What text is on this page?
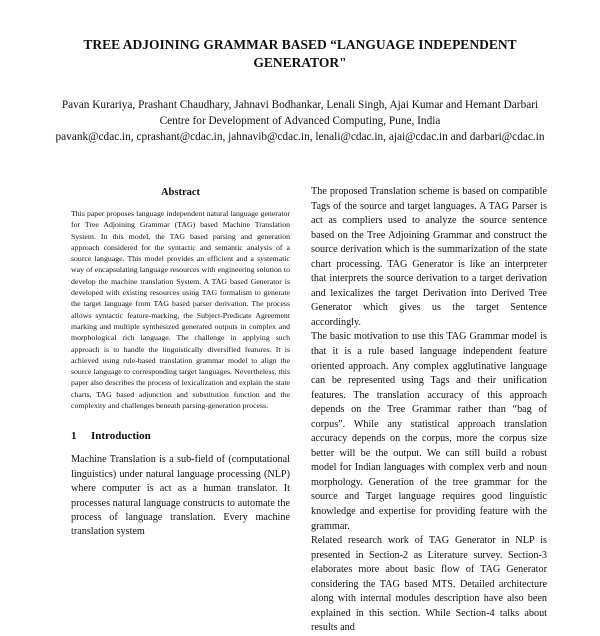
TREE ADJOINING GRAMMAR BASED “LANGUAGE INDEPENDENT GENERATOR"
Pavan Kurariya, Prashant Chaudhary, Jahnavi Bodhankar, Lenali Singh, Ajai Kumar and Hemant Darbari
Centre for Development of Advanced Computing, Pune, India
pavank@cdac.in, cprashant@cdac.in, jahnavib@cdac.in, lenali@cdac.in, ajai@cdac.in and darbari@cdac.in
Abstract

This paper proposes language independent natural language generator for Tree Adjoining Grammar (TAG) based Machine Translation System. In this model, the TAG based parsing and generation approach considered for the syntactic and semantic analysis of a source language. This model provides an efficient and a systematic way of encapsulating language resources with engineering solution to develop the machine translation System. A TAG based Generator is developed with existing resources using TAG formalism to generate the target language from TAG based parser derivation. The process allows syntactic feature-marking, the Subject-Predicate Agreement marking and multiple synthesized generated outputs in complex and morphological rich language. The challenge in applying such approach is to handle the linguistically diversified features. It is achieved using rule-based translation grammar model to align the source language to corresponding target languages. Nevertheless, this paper also describes the process of lexicalization and explain the state charts, TAG based adjunction and substitution function and the complexity and challenges beneath parsing-generation process.

1 Introduction

Machine Translation is a sub-field of (computational linguistics) under natural language processing (NLP) where computer is act as a human translator. It processes natural language constructs to automate the process of language translation. Every machine translation system

The proposed Translation scheme is based on compatible Tags of the source and target languages. A TAG Parser is act as compliers used to analyze the source sentence based on the Tree Adjoining Grammar and construct the source derivation which is the summarization of the state chart processing. TAG Generator is like an interpreter that interprets the source derivation to a target derivation and lexicalizes the target Derivation into Derived Tree Generator which gives us the target Sentence accordingly.

The basic motivation to use this TAG Grammar model is that it is a rule based language independent feature oriented approach. Any complex agglutinative language can be represented using Tags and their unification features. The translation accuracy of this approach depends on the Tree Grammar rather than “bag of corpus”. While any statistical approach translation accuracy depends on the corpus, more the corpus size better will be the output. We can still build a robust model for Indian languages with complex verb and noun morphology. Generation of the tree grammar for the source and Target language requires good linguistic knowledge and expertise for providing feature with the grammar.

Related research work of TAG Generator in NLP is presented in Section-2 as Literature survey. Section-3 elaborates more about basic flow of TAG Generator considering the TAG based MTS. Detailed architecture along with internal modules description have also been explained in this section. While Section-4 talks about results and
